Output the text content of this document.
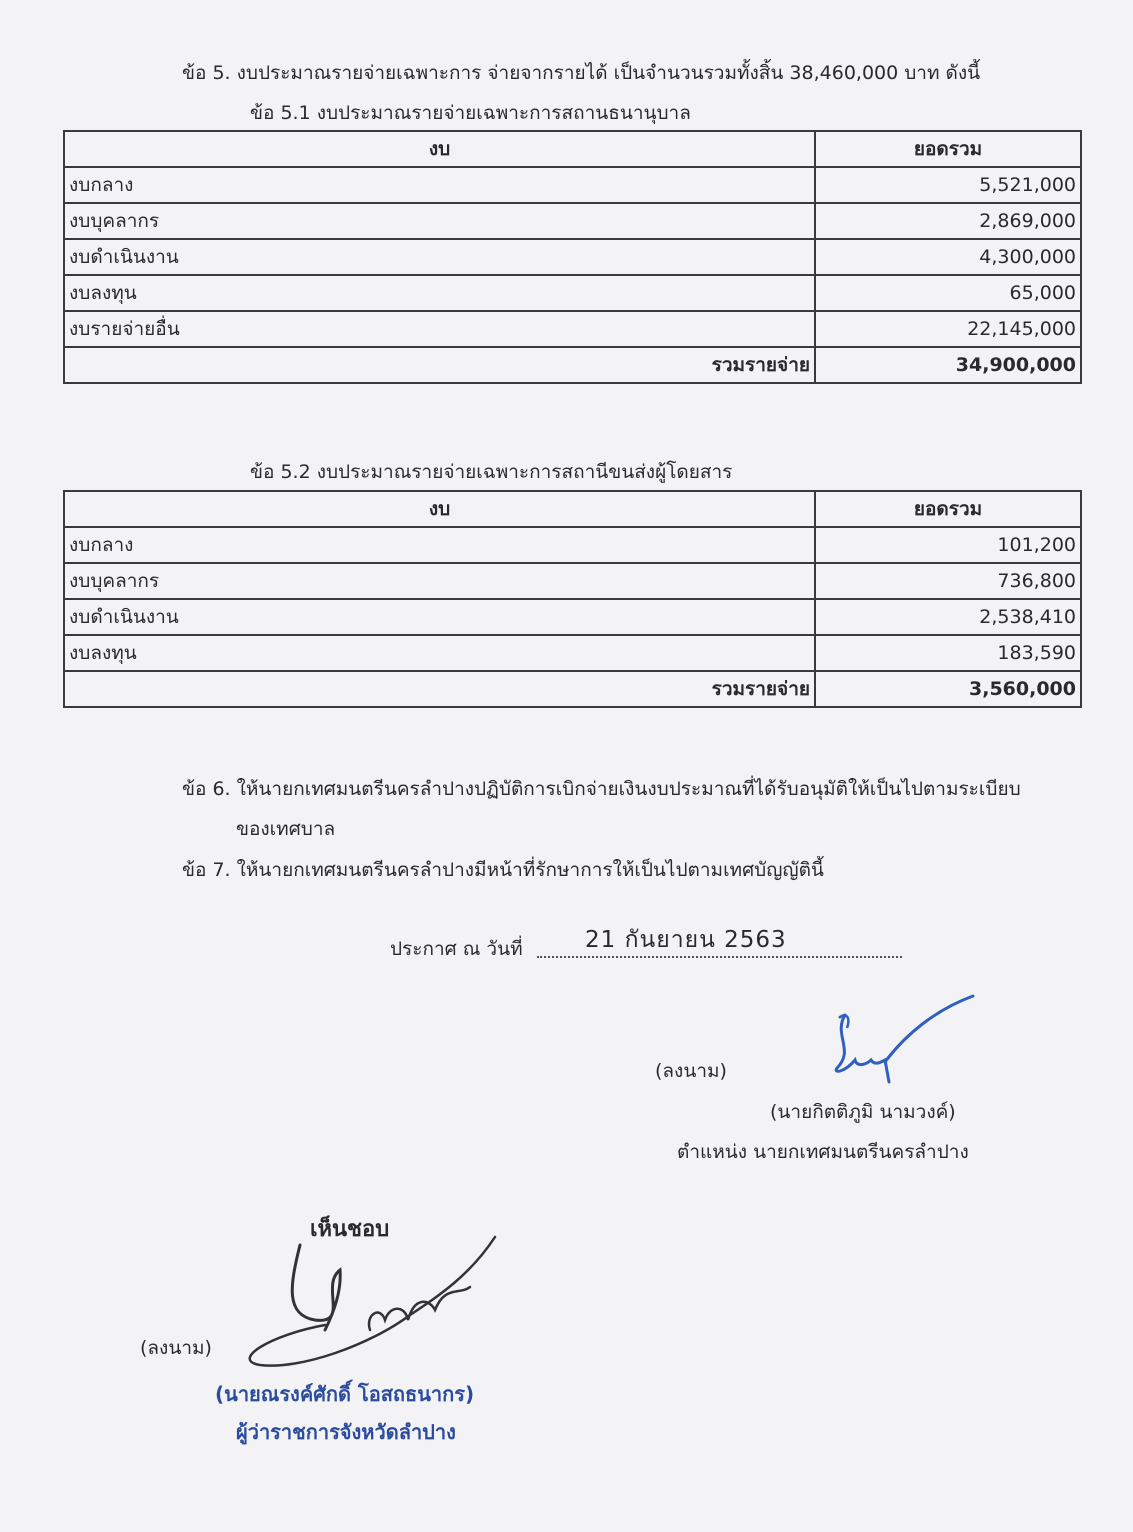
ข้อ 5. งบประมาณรายจ่ายเฉพาะการ จ่ายจากรายได้ เป็นจำนวนรวมทั้งสิ้น 38,460,000 บาท ดังนี้
ข้อ 5.1 งบประมาณรายจ่ายเฉพาะการสถานธนานุบาล
งบ	ยอดรวม
งบกลาง	5,521,000
งบบุคลากร	2,869,000
งบดำเนินงาน	4,300,000
งบลงทุน	65,000
งบรายจ่ายอื่น	22,145,000
รวมรายจ่าย	34,900,000
ข้อ 5.2 งบประมาณรายจ่ายเฉพาะการสถานีขนส่งผู้โดยสาร
งบ	ยอดรวม
งบกลาง	101,200
งบบุคลากร	736,800
งบดำเนินงาน	2,538,410
งบลงทุน	183,590
รวมรายจ่าย	3,560,000
ข้อ 6. ให้นายกเทศมนตรีนครลำปางปฏิบัติการเบิกจ่ายเงินงบประมาณที่ได้รับอนุมัติให้เป็นไปตามระเบียบ
ของเทศบาล
ข้อ 7. ให้นายกเทศมนตรีนครลำปางมีหน้าที่รักษาการให้เป็นไปตามเทศบัญญัตินี้
ประกาศ ณ วันที่	21 กันยายน 2563
(ลงนาม)
(นายกิตติภูมิ นามวงค์)
ตำแหน่ง นายกเทศมนตรีนครลำปาง
เห็นชอบ
(ลงนาม)
(นายณรงค์ศักดิ์ โอสถธนากร)
ผู้ว่าราชการจังหวัดลำปาง
